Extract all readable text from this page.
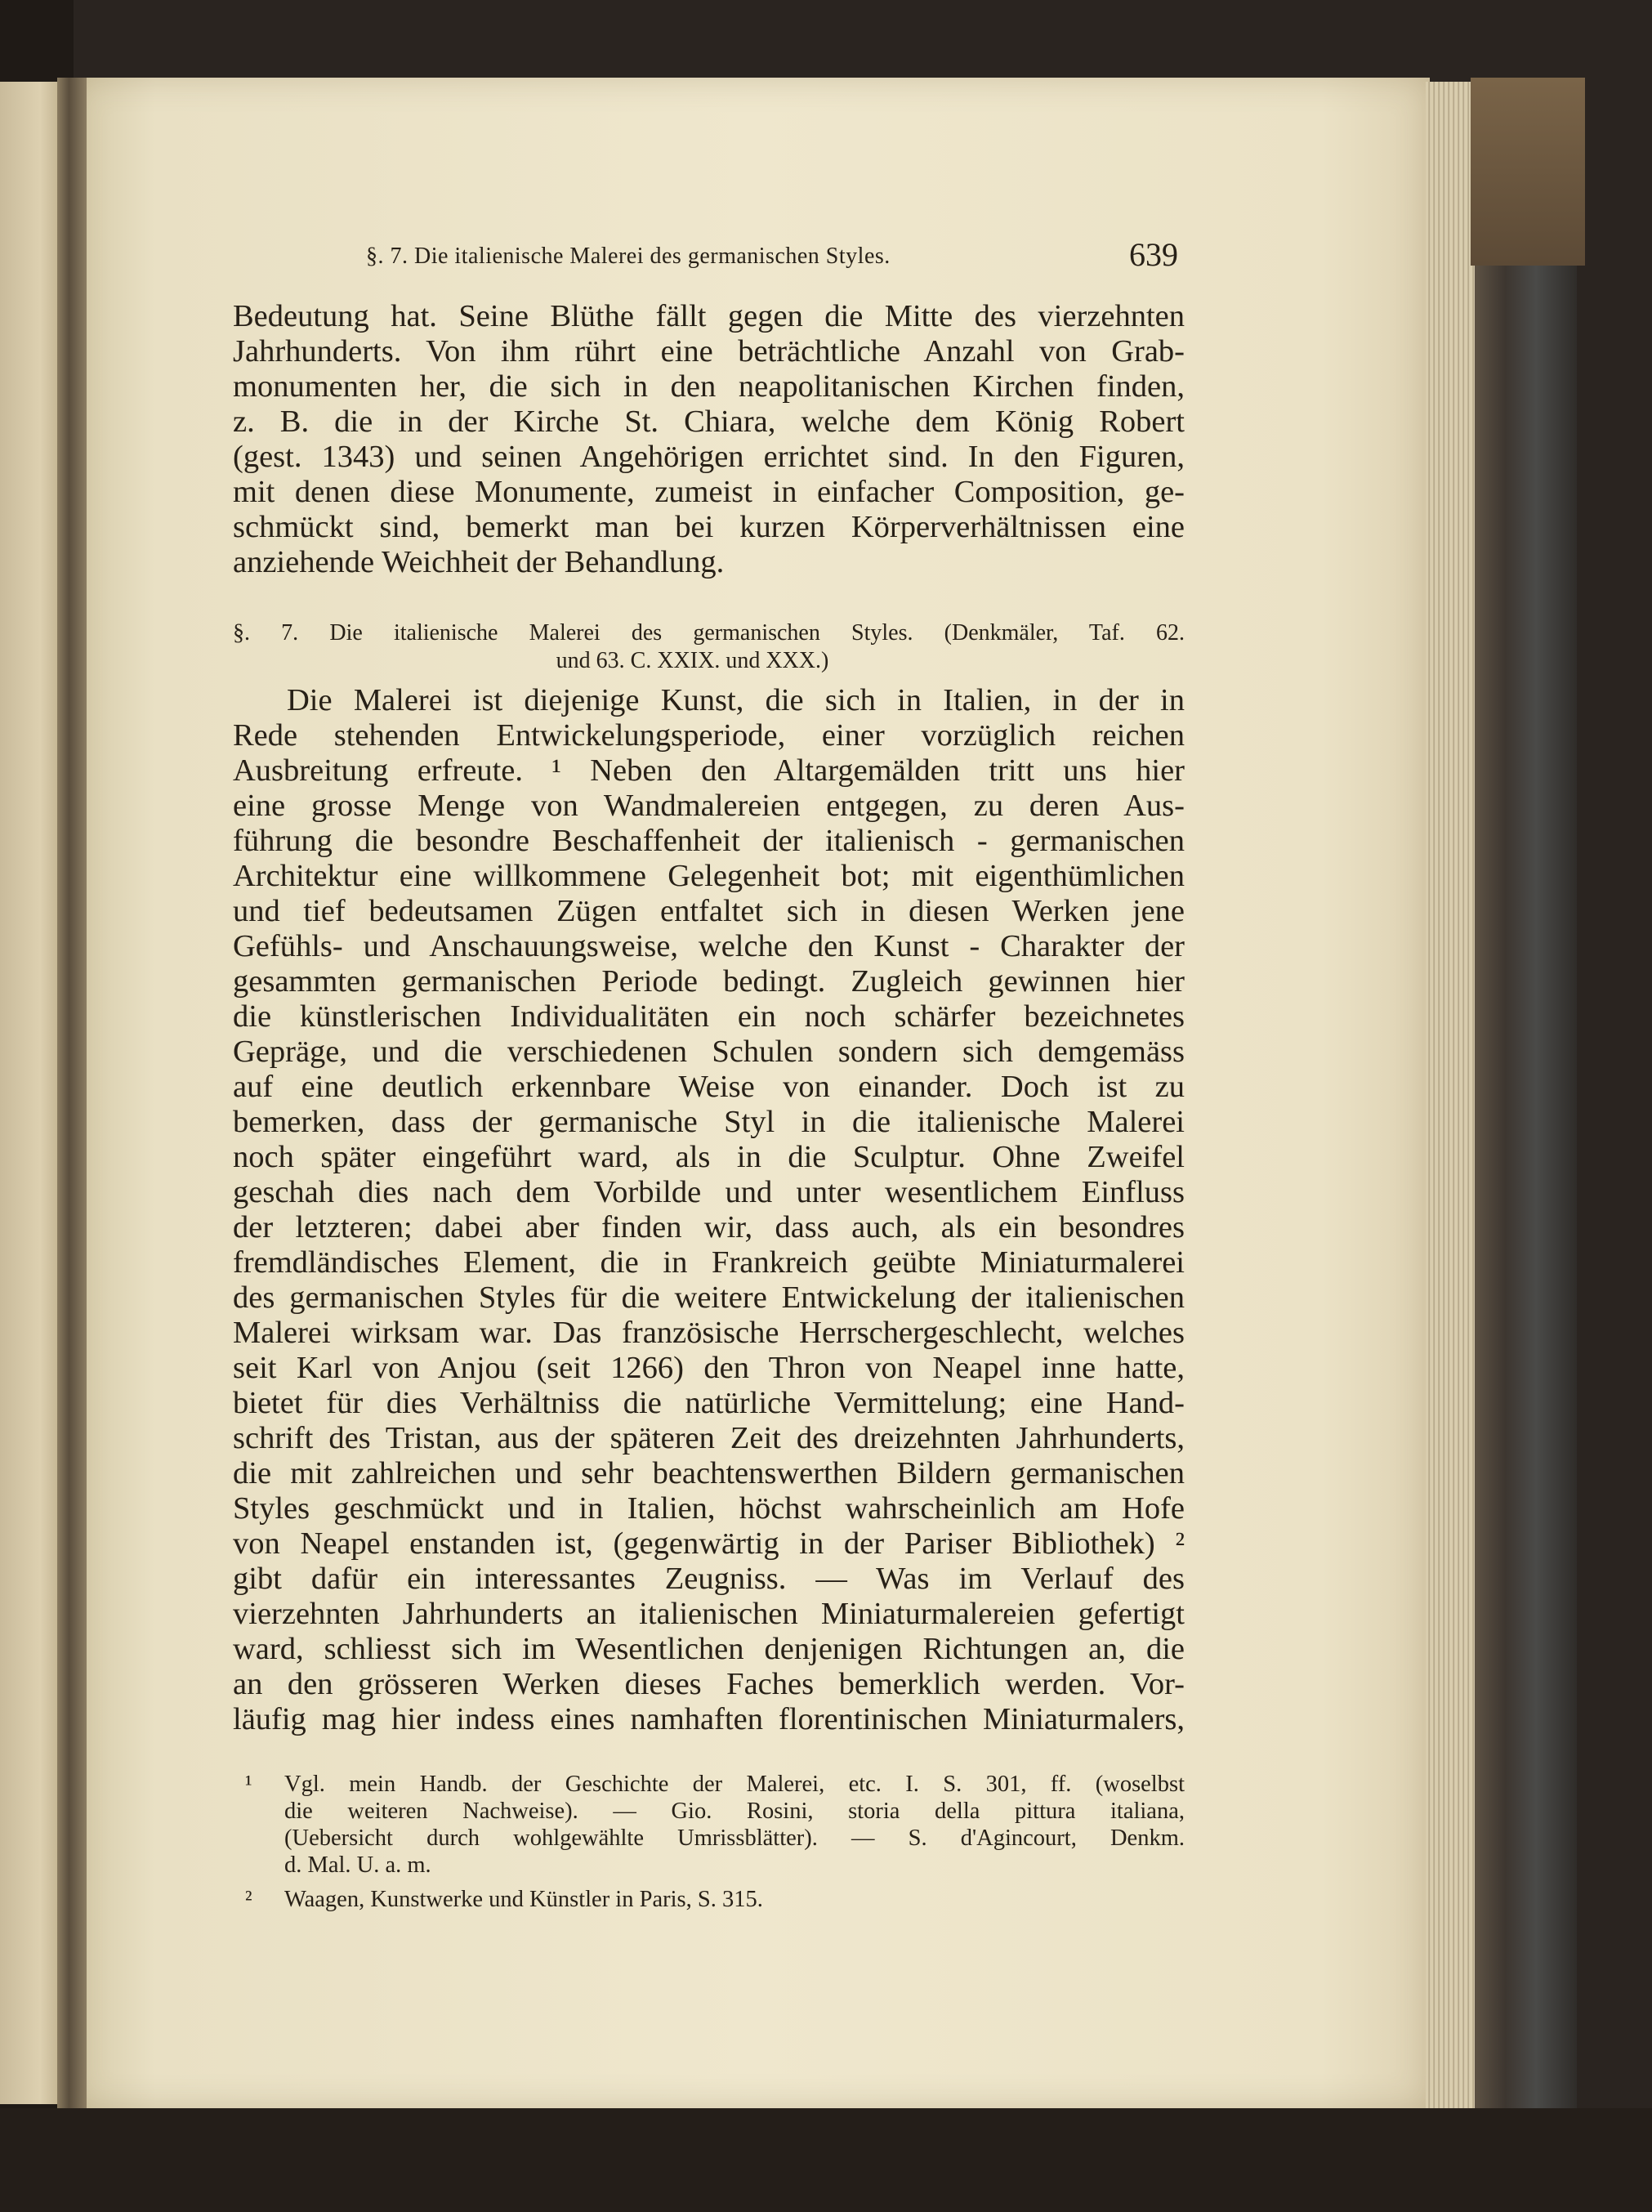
§. 7. Die italienische Malerei des germanischen Styles.	639
Bedeutung hat. Seine Blüthe fällt gegen die Mitte des vierzehnten
Jahrhunderts. Von ihm rührt eine beträchtliche Anzahl von Grab-
monumenten her, die sich in den neapolitanischen Kirchen finden,
z. B. die in der Kirche St. Chiara, welche dem König Robert
(gest. 1343) und seinen Angehörigen errichtet sind. In den Figuren,
mit denen diese Monumente, zumeist in einfacher Composition, ge-
schmückt sind, bemerkt man bei kurzen Körperverhältnissen eine
anziehende Weichheit der Behandlung.
§. 7. Die italienische Malerei des germanischen Styles. (Denkmäler, Taf. 62.
und 63. C. XXIX. und XXX.)
Die Malerei ist diejenige Kunst, die sich in Italien, in der in
Rede stehenden Entwickelungsperiode, einer vorzüglich reichen
Ausbreitung erfreute. ¹ Neben den Altargemälden tritt uns hier
eine grosse Menge von Wandmalereien entgegen, zu deren Aus-
führung die besondre Beschaffenheit der italienisch - germanischen
Architektur eine willkommene Gelegenheit bot; mit eigenthümlichen
und tief bedeutsamen Zügen entfaltet sich in diesen Werken jene
Gefühls- und Anschauungsweise, welche den Kunst - Charakter der
gesammten germanischen Periode bedingt. Zugleich gewinnen hier
die künstlerischen Individualitäten ein noch schärfer bezeichnetes
Gepräge, und die verschiedenen Schulen sondern sich demgemäss
auf eine deutlich erkennbare Weise von einander. Doch ist zu
bemerken, dass der germanische Styl in die italienische Malerei
noch später eingeführt ward, als in die Sculptur. Ohne Zweifel
geschah dies nach dem Vorbilde und unter wesentlichem Einfluss
der letzteren; dabei aber finden wir, dass auch, als ein besondres
fremdländisches Element, die in Frankreich geübte Miniaturmalerei
des germanischen Styles für die weitere Entwickelung der italienischen
Malerei wirksam war. Das französische Herrschergeschlecht, welches
seit Karl von Anjou (seit 1266) den Thron von Neapel inne hatte,
bietet für dies Verhältniss die natürliche Vermittelung; eine Hand-
schrift des Tristan, aus der späteren Zeit des dreizehnten Jahrhunderts,
die mit zahlreichen und sehr beachtenswerthen Bildern germanischen
Styles geschmückt und in Italien, höchst wahrscheinlich am Hofe
von Neapel enstanden ist, (gegenwärtig in der Pariser Bibliothek) ²
gibt dafür ein interessantes Zeugniss. — Was im Verlauf des
vierzehnten Jahrhunderts an italienischen Miniaturmalereien gefertigt
ward, schliesst sich im Wesentlichen denjenigen Richtungen an, die
an den grösseren Werken dieses Faches bemerklich werden. Vor-
läufig mag hier indess eines namhaften florentinischen Miniaturmalers,
¹ Vgl. mein Handb. der Geschichte der Malerei, etc. I. S. 301, ff. (woselbst
die weiteren Nachweise). — Gio. Rosini, storia della pittura italiana,
(Uebersicht durch wohlgewählte Umrissblätter). — S. d'Agincourt, Denkm.
d. Mal. U. a. m.
² Waagen, Kunstwerke und Künstler in Paris, S. 315.
